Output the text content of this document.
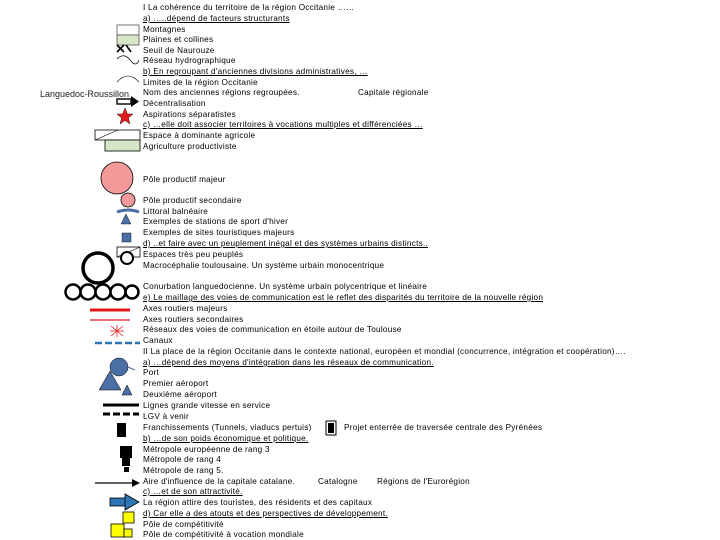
Languedoc-Roussillon
I La cohérence du territoire de la région Occitanie ……
a) …..dépend de facteurs structurants
Montagnes
Plaines et collines
Seuil de Naurouze
Réseau hydrographique
b) En regroupant d'anciennes divisions administratives, …
Limites de la région Occitanie
Nom des anciennes régions regroupées.
Décentralisation
Aspirations séparatistes
c) …elle doit associer territoires à vocations multiples et différenciées …
Espace à dominante agricole
Agriculture productiviste
Pôle productif majeur
Pôle productif secondaire
Littoral balnéaire
Exemples de stations de sport d'hiver
Exemples de sites touristiques majeurs
d) ..et faire avec un peuplement inégal et des systèmes urbains distincts..
Espaces très peu peuplés
Macrocéphalie toulousaine. Un système urbain monocentrique
Conurbation languedocienne. Un système urbain polycentrique et linéaire
e) Le maillage des voies de communication est le reflet des disparités du territoire de la nouvelle région
Axes routiers majeurs
Axes routiers secondaires
Réseaux des voies de communication en étoile autour de Toulouse
Canaux
II La place de la région Occitanie dans le contexte national, européen et mondial (concurrence, intégration et coopération)….
a) …dépend des moyens d'intégration dans les réseaux de communication.
Port
Premier aéroport
Deuxième aéroport
Lignes grande vitesse en service
LGV à venir
Franchissements (Tunnels, viaducs pertuis)
b) …de son poids économique et politique.
Métropole européenne de rang 3
Métropole de rang 4
Métropole de rang 5.
Aire d'influence de la capitale catalane.
c) …et de son attractivité.
La région attire des touristes, des résidents et des capitaux
d) Car elle a des atouts et des perspectives de développement.
Pôle de compétitivité
Pôle de compétitivité à vocation mondiale
Capitale régionale
Projet enterrée de traversée centrale des Pyrénées
Catalogne Régions de l'Eurorégion
